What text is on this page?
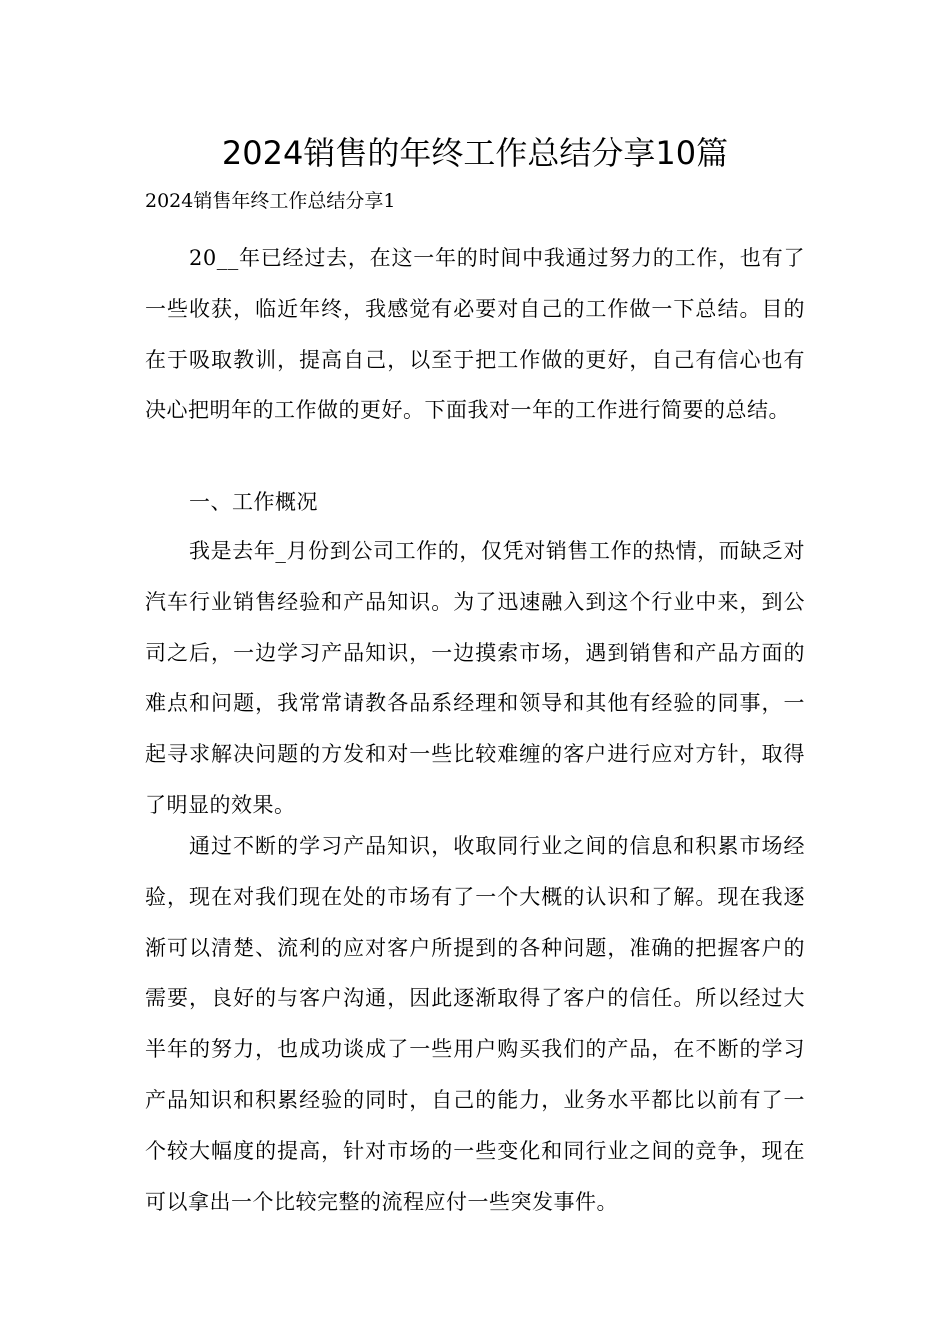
2024销售的年终工作总结分享10篇

2024销售年终工作总结分享1

20__年已经过去，在这一年的时间中我通过努力的工作，也有了一些收获，临近年终，我感觉有必要对自己的工作做一下总结。目的在于吸取教训，提高自己，以至于把工作做的更好，自己有信心也有决心把明年的工作做的更好。下面我对一年的工作进行简要的总结。

一、工作概况

我是去年_月份到公司工作的，仅凭对销售工作的热情，而缺乏对汽车行业销售经验和产品知识。为了迅速融入到这个行业中来，到公司之后，一边学习产品知识，一边摸索市场，遇到销售和产品方面的难点和问题，我常常请教各品系经理和领导和其他有经验的同事，一起寻求解决问题的方发和对一些比较难缠的客户进行应对方针，取得了明显的效果。

通过不断的学习产品知识，收取同行业之间的信息和积累市场经验，现在对我们现在处的市场有了一个大概的认识和了解。现在我逐渐可以清楚、流利的应对客户所提到的各种问题，准确的把握客户的需要，良好的与客户沟通，因此逐渐取得了客户的信任。所以经过大半年的努力，也成功谈成了一些用户购买我们的产品，在不断的学习产品知识和积累经验的同时，自己的能力，业务水平都比以前有了一个较大幅度的提高，针对市场的一些变化和同行业之间的竞争，现在可以拿出一个比较完整的流程应付一些突发事件。
